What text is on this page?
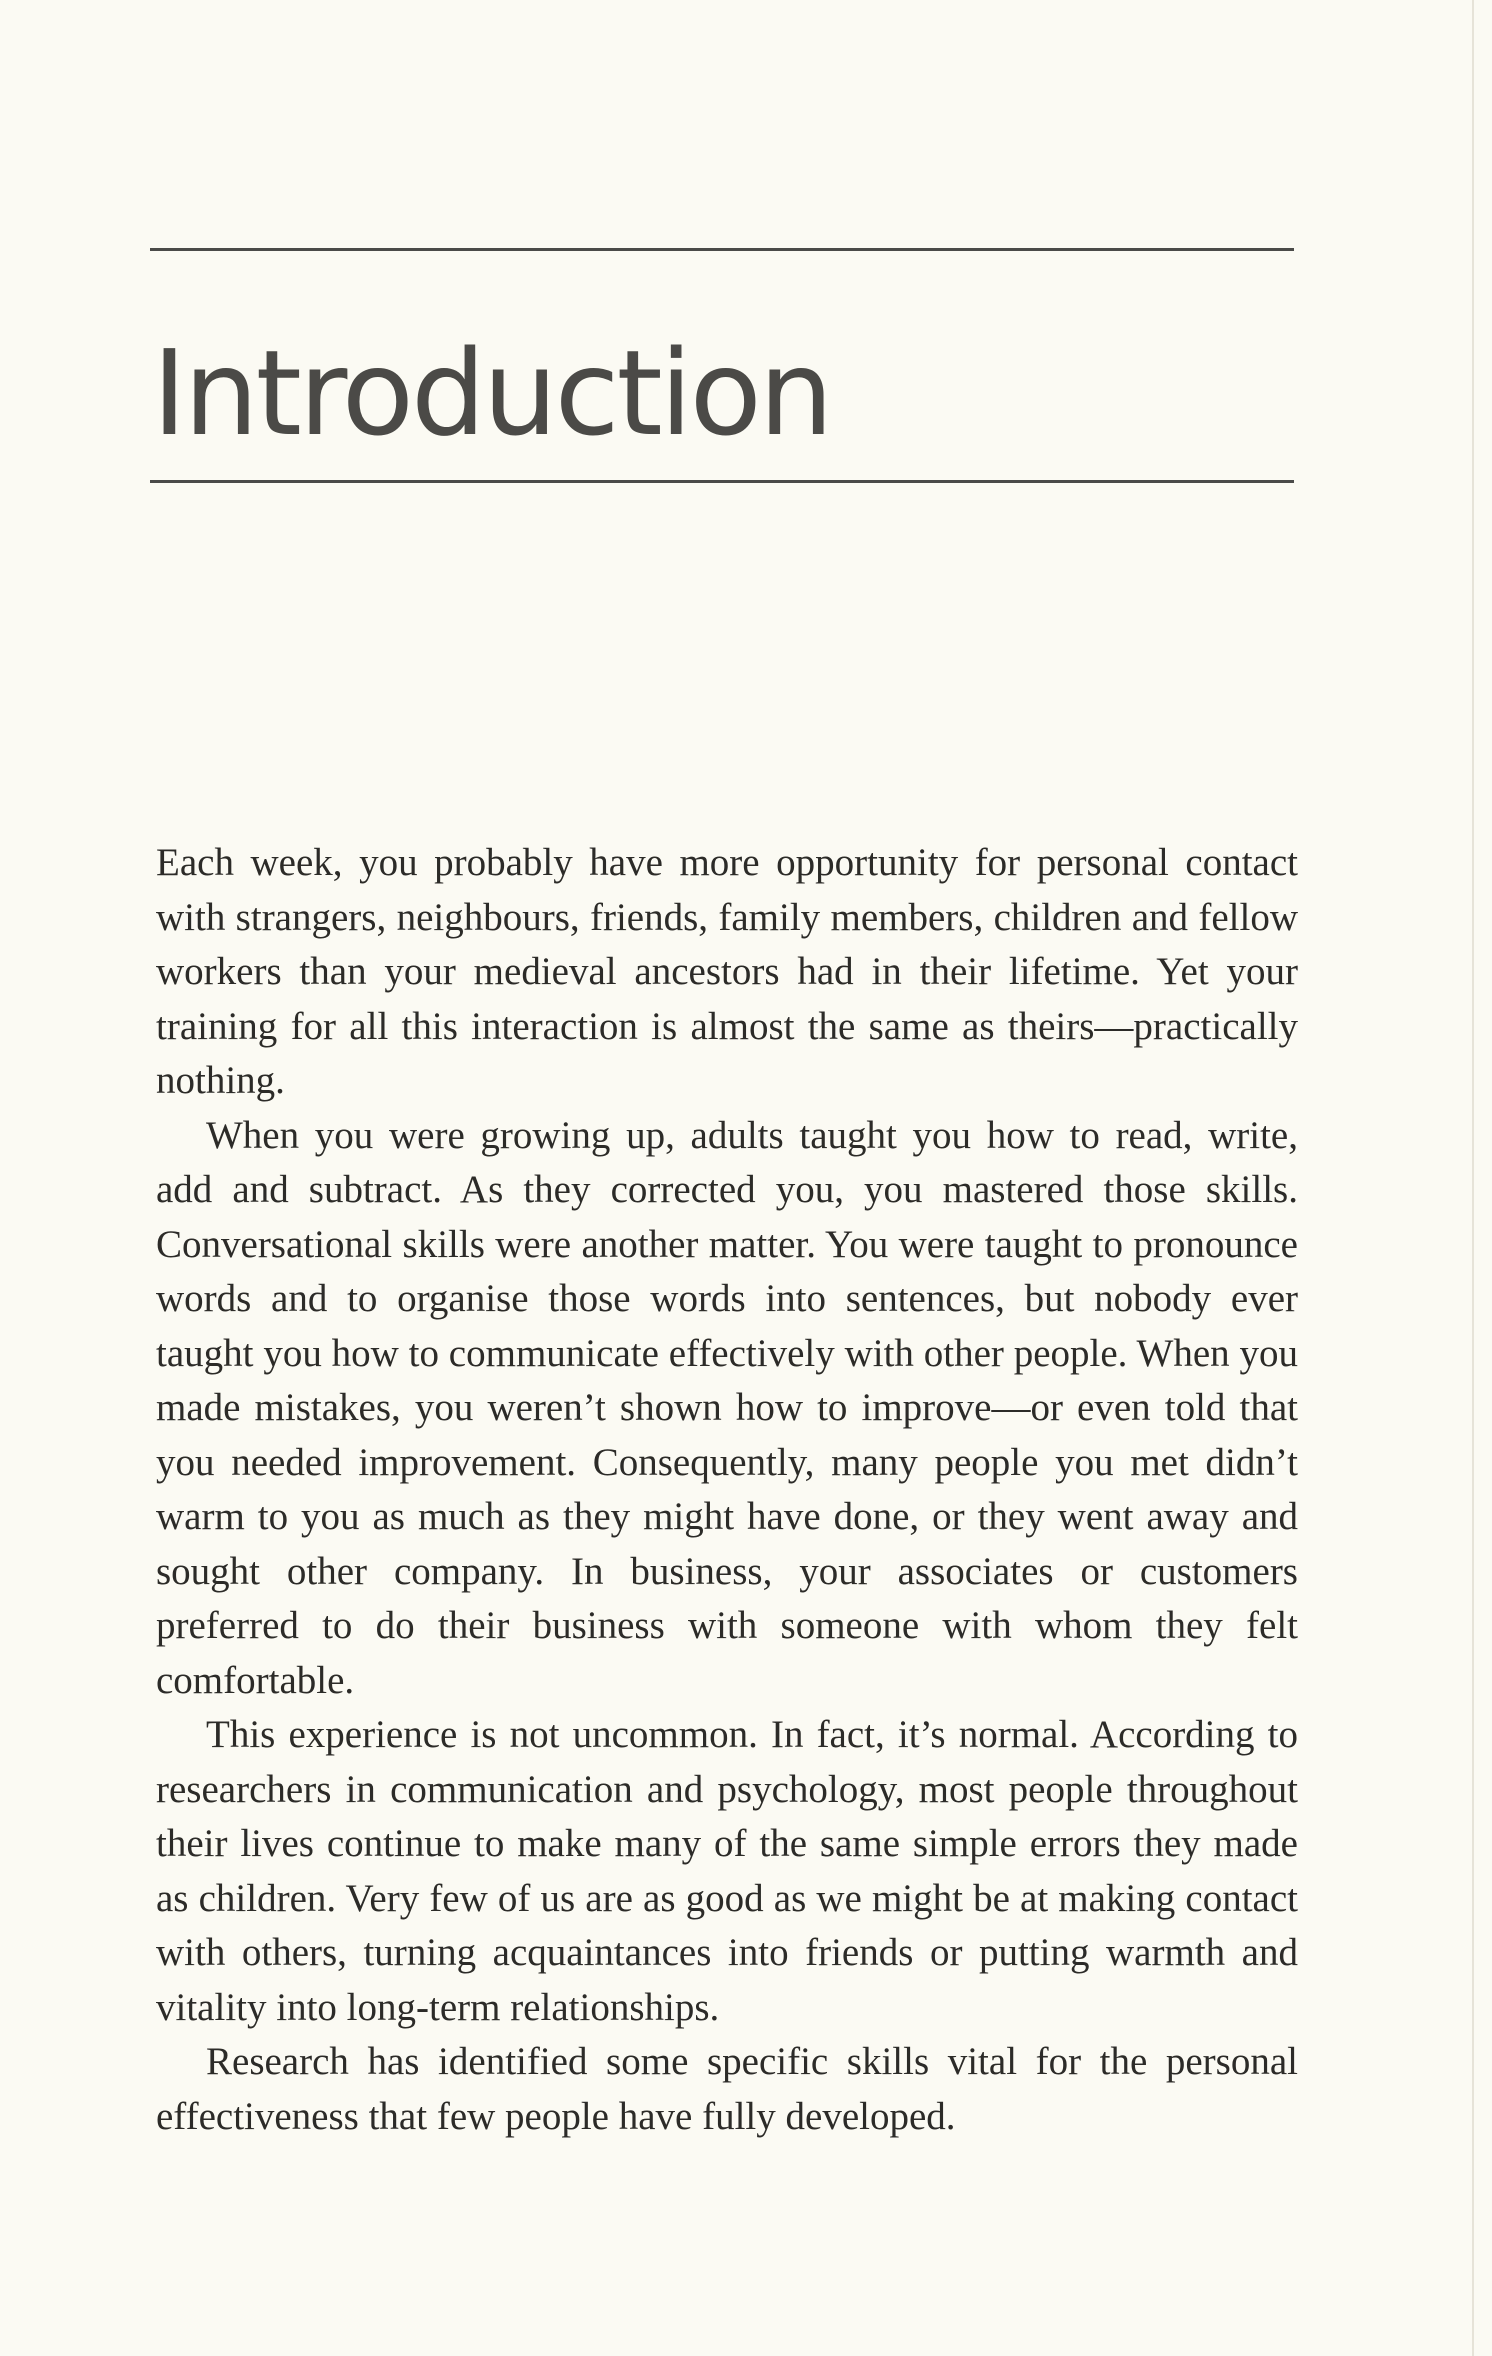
Introduction

Each week, you probably have more opportunity for personal contact with strangers, neighbours, friends, family members, children and fellow workers than your medieval ancestors had in their lifetime. Yet your training for all this interaction is almost the same as theirs—practically nothing.

When you were growing up, adults taught you how to read, write, add and subtract. As they corrected you, you mastered those skills. Conversational skills were another matter. You were taught to pronounce words and to organise those words into sentences, but nobody ever taught you how to communicate effectively with other people. When you made mistakes, you weren’t shown how to improve—or even told that you needed improvement. Consequently, many people you met didn’t warm to you as much as they might have done, or they went away and sought other company. In business, your associates or customers preferred to do their business with someone with whom they felt comfortable.

This experience is not uncommon. In fact, it’s normal. According to researchers in communication and psychology, most people throughout their lives continue to make many of the same simple errors they made as children. Very few of us are as good as we might be at making contact with others, turning acquaintances into friends or putting warmth and vitality into long-term relationships.

Research has identified some specific skills vital for the personal effectiveness that few people have fully developed.
